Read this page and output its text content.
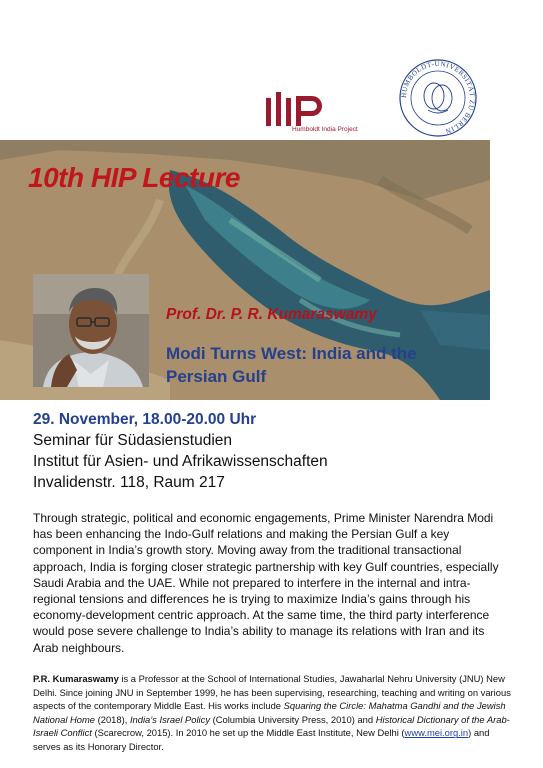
Humboldt India Project
HUMBOLDT-UNIVERSITÄT ZU BERLIN
10th HIP Lecture
Prof. Dr. P. R. Kumaraswamy
Modi Turns West: India and the
Persian Gulf
29. November, 18.00-20.00 Uhr
Seminar für Südasienstudien
Institut für Asien- und Afrikawissenschaften
Invalidenstr. 118, Raum 217

Through strategic, political and economic engagements, Prime Minister Narendra Modi has been enhancing the Indo-Gulf relations and making the Persian Gulf a key component in India’s growth story. Moving away from the traditional transactional approach, India is forging closer strategic partnership with key Gulf countries, especially Saudi Arabia and the UAE. While not prepared to interfere in the internal and intra-regional tensions and differences he is trying to maximize India’s gains through his economy-development centric approach. At the same time, the third party interference would pose severe challenge to India’s ability to manage its relations with Iran and its Arab neighbours.

P.R. Kumaraswamy is a Professor at the School of International Studies, Jawaharlal Nehru University (JNU) New Delhi. Since joining JNU in September 1999, he has been supervising, researching, teaching and writing on various aspects of the contemporary Middle East. His works include Squaring the Circle: Mahatma Gandhi and the Jewish National Home (2018), India’s Israel Policy (Columbia University Press, 2010) and Historical Dictionary of the Arab-Israeli Conflict (Scarecrow, 2015). In 2010 he set up the Middle East Institute, New Delhi (www.mei.org.in) and serves as its Honorary Director.
